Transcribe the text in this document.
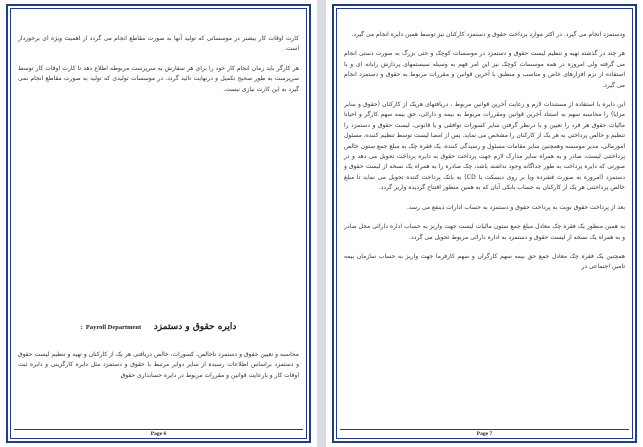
کارت اوقات کار بیشتر در موسساتی که تولید آنها به صورت مقاطع انجام می گردد از اهمیت ویژه ای برخوردار است.

هر کارگر باید زمان انجام کار خود را برای هر سفارش به سرپرست مربوطه اطلاع دهد تا کارت اوقات کار توسط سرپرست به طور صحیح تکمیل و درنهایت تائید گردد. در موسسات تولیدی که تولید به صورت مقاطع انجام نمی گیرد به این کارت نیازی نیست.

دایره حقوق و دستمزد    Payroll Department :

محاسبه و تعیین حقوق و دستمزد ناخالص، کسورات، خالص دریافتی هر یک از کارکنان و تهیه و تنظیم لیست حقوق و دستمزد براساس اطلاعات رسیده از سایر دوایر مرتبط با حقوق و دستمزد مثل دایره کارگزینی و دایره ثبت اوقات کار و بارعایت قوانین و مقررات مربوط در دایره حسابداری حقوق

Page 6

ودستمزد انجام می گیرد. در اکثر موارد پرداخت حقوق و دستمزد کارکنان نیز توسط همین دایره انجام می گیرد.

هر چند در گذشته تهیه و تنظیم لیست حقوق و دستمزد در موسسات کوچک و حتی بزرگ به صورت دستی انجام می گرفته ولی امروزه در همه موسسات کوچک نیز این امر فهم به وسیله سیستمهای پردازش رایانه ای و با استفاده از نرم افزارهای خاص و مناسب و منطبق با آخرین قوانین و مقررات مربوط به حقوق و دستمزد انجام می گیرد.

این دایره با استفاده از مستندات لازم و رعایت آخرین قوانین مربوط ، دریافتهای هریک از کارکنان (حقوق و سایر مزایا) را محاسبه سهم به استناد آخرین قوانین ومقررات مربوط به بیمه و دارائی، حق بیمه سهم کارگر و احیانا مالیات حقوق هر فرد را تعیین و با درنظر گرفتن سایر کسورات توافقی و یا قانونی، لیست حقوق و دستمزد را تنظیم و خالص پرداختی به هر یک از کارکنان را مشخص می نماید. پس از امضا لیست توسط تنظیم کننده، مسئول امورمالی، مدیر موسسه وهمچنین سایر مقامات مسئول و رسیدگی کننده، یک فقره چک به مبلغ جمع ستون خالص پرداختنی لیست، صادر و به همراه سایر مدارک لازم جهت پرداخت حقوق به دایره پرداخت تحویل می دهد و در صورتی که دایره پرداخت به طور جداگانه وجود نداشته باشد، چک صادره را به همراه یک نسخه از لیست حقوق و دستمزد (امروزه به صورت فشرده ویا بر روی دیسکت یا CD) به بانک پرداخت کننده تحویل می نماید تا مبلغ خالص پرداختنی هر یک از کارکنان به حساب بانکی آنان که به همین منظور افتتاح گردیده واریز گردد.

بعد از پرداخت حقوق نوبت به پرداخت حقوق و دستمزد به حساب ادارات ذینفع می رسد.

به همین منظور یک فقره چک معادل مبلغ جمع ستون مالیات لیست جهت واریز به حساب اداره دارائی محل صادر و به همراه یک نسخه از لیست حقوق و دستمزد به اداره دارائی مربوط تحویل می گردد.

همچنین یک فقره چک معادل جمع حق بیمه سهم کارگران و سهم کارفرما جهت واریز به حساب سازمان بیمه تامین اجتماعی در

Page 7
